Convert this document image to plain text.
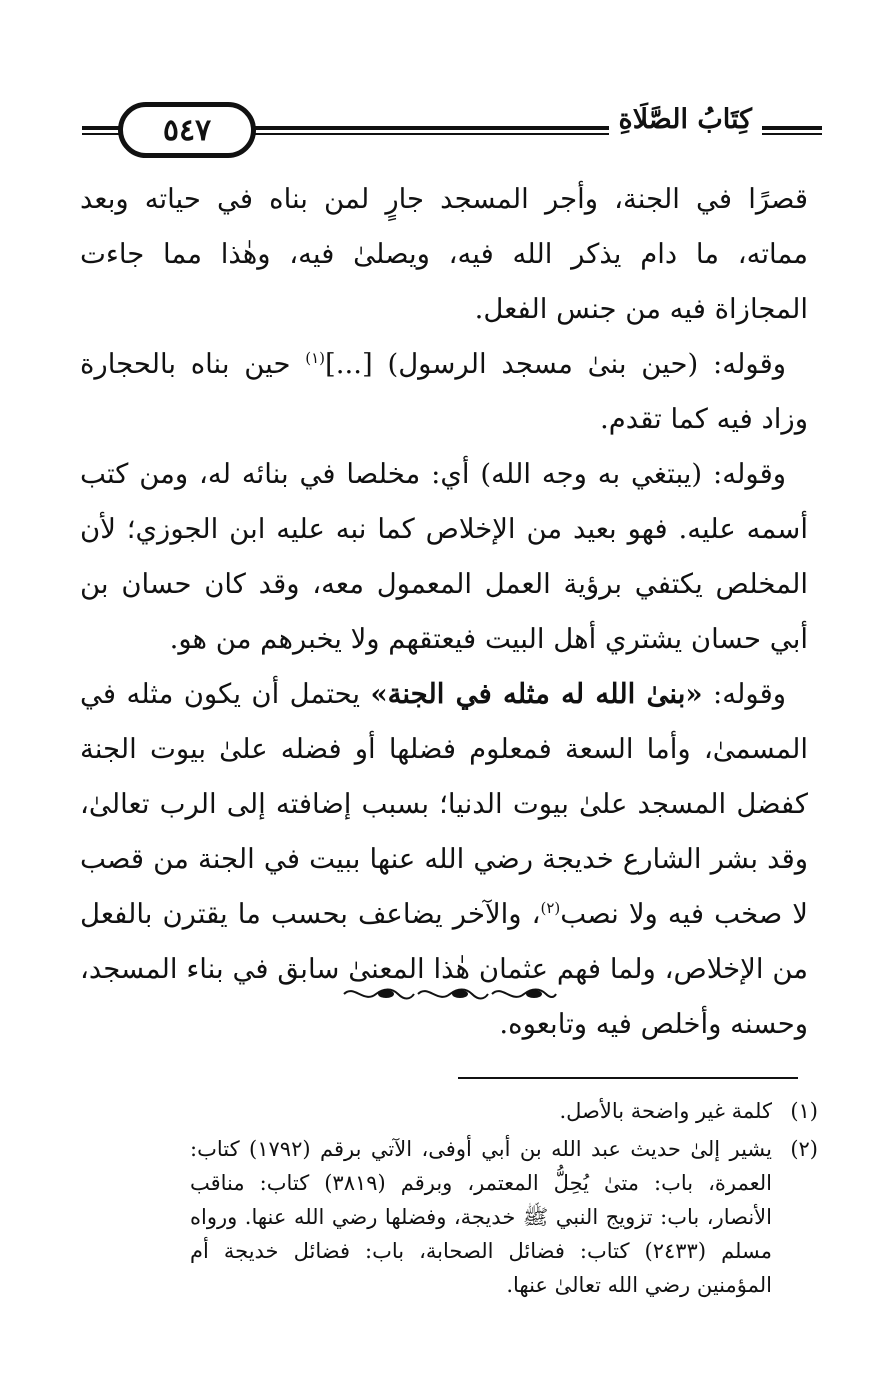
٥٤٧	كِتَابُ الصَّلَاةِ

قصرًا في الجنة، وأجر المسجد جارٍ لمن بناه في حياته وبعد مماته، ما دام يذكر الله فيه، ويصلىٰ فيه، وهٰذا مما جاءت المجازاة فيه من جنس الفعل.

وقوله: (حين بنىٰ مسجد الرسول) [...]$^{(١)}$ حين بناه بالحجارة وزاد فيه كما تقدم.

وقوله: (يبتغي به وجه الله) أي: مخلصا في بنائه له، ومن كتب أسمه عليه. فهو بعيد من الإخلاص كما نبه عليه ابن الجوزي؛ لأن المخلص يكتفي برؤية العمل المعمول معه، وقد كان حسان بن أبي حسان يشتري أهل البيت فيعتقهم ولا يخبرهم من هو.

وقوله: «بنىٰ الله له مثله في الجنة» يحتمل أن يكون مثله في المسمىٰ، وأما السعة فمعلوم فضلها أو فضله علىٰ بيوت الجنة كفضل المسجد علىٰ بيوت الدنيا؛ بسبب إضافته إلى الرب تعالىٰ، وقد بشر الشارع خديجة رضي الله عنها ببيت في الجنة من قصب لا صخب فيه ولا نصب$^{(٢)}$، والآخر يضاعف بحسب ما يقترن بالفعل من الإخلاص، ولما فهم عثمان هٰذا المعنىٰ سابق في بناء المسجد، وحسنه وأخلص فيه وتابعوه.

(١)
كلمة غير واضحة بالأصل.
(٢)
يشير إلىٰ حديث عبد الله بن أبي أوفى، الآتي برقم (١٧٩٢) كتاب: العمرة، باب: متىٰ يُحِلُّ المعتمر، وبرقم (٣٨١٩) كتاب: مناقب الأنصار، باب: تزويج النبي ﷺ خديجة، وفضلها رضي الله عنها. ورواه مسلم (٢٤٣٣) كتاب: فضائل الصحابة، باب: فضائل خديجة أم المؤمنين رضي الله تعالىٰ عنها.
